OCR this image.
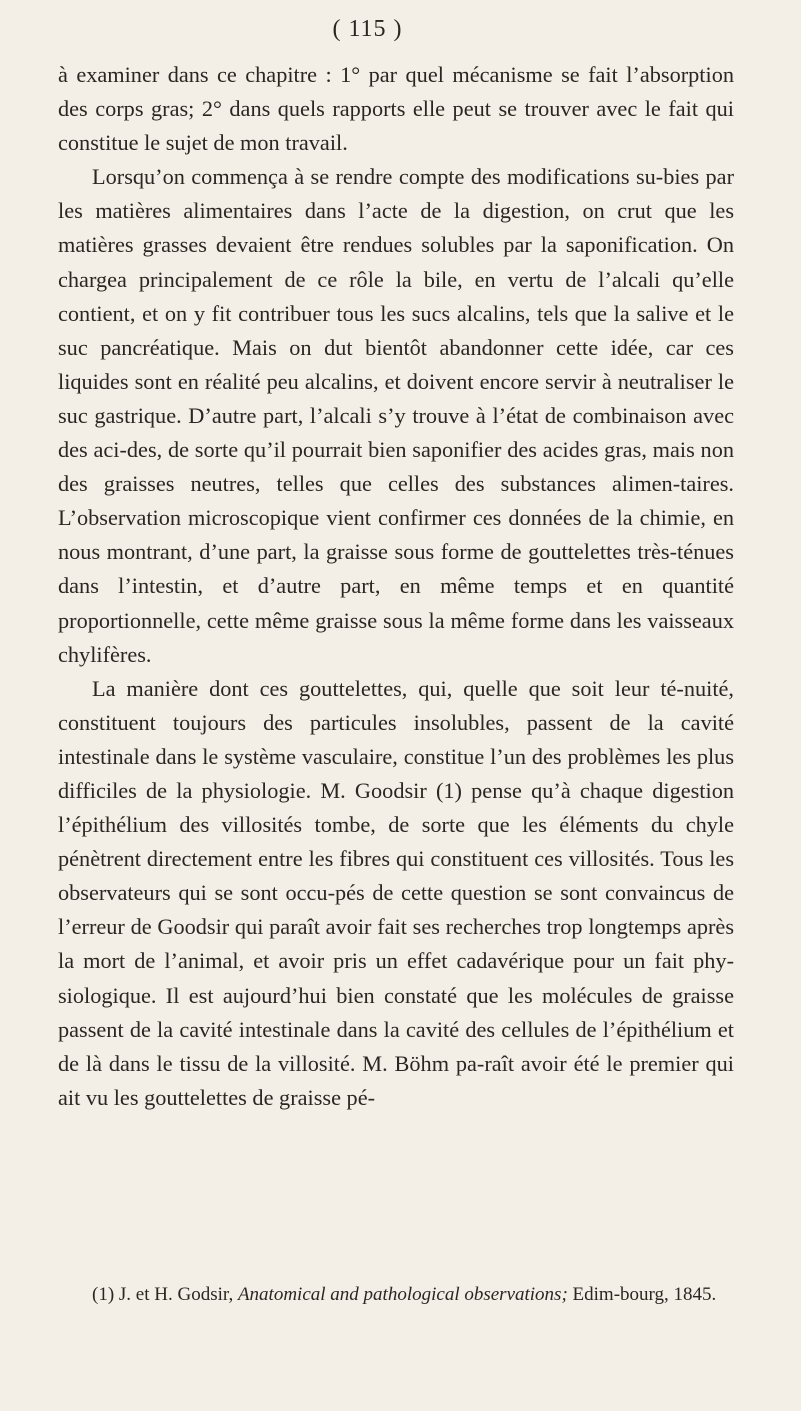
( 115 )

à examiner dans ce chapitre : 1° par quel mécanisme se fait l’absorption des corps gras; 2° dans quels rapports elle peut se trouver avec le fait qui constitue le sujet de mon travail.

Lorsqu’on commença à se rendre compte des modifications su-bies par les matières alimentaires dans l’acte de la digestion, on crut que les matières grasses devaient être rendues solubles par la saponification. On chargea principalement de ce rôle la bile, en vertu de l’alcali qu’elle contient, et on y fit contribuer tous les sucs alcalins, tels que la salive et le suc pancréatique. Mais on dut bientôt abandonner cette idée, car ces liquides sont en réalité peu alcalins, et doivent encore servir à neutraliser le suc gastrique. D’autre part, l’alcali s’y trouve à l’état de combinaison avec des aci-des, de sorte qu’il pourrait bien saponifier des acides gras, mais non des graisses neutres, telles que celles des substances alimen-taires. L’observation microscopique vient confirmer ces données de la chimie, en nous montrant, d’une part, la graisse sous forme de gouttelettes très-ténues dans l’intestin, et d’autre part, en même temps et en quantité proportionnelle, cette même graisse sous la même forme dans les vaisseaux chylifères.

La manière dont ces gouttelettes, qui, quelle que soit leur té-nuité, constituent toujours des particules insolubles, passent de la cavité intestinale dans le système vasculaire, constitue l’un des problèmes les plus difficiles de la physiologie. M. Goodsir (1) pense qu’à chaque digestion l’épithélium des villosités tombe, de sorte que les éléments du chyle pénètrent directement entre les fibres qui constituent ces villosités. Tous les observateurs qui se sont occu-pés de cette question se sont convaincus de l’erreur de Goodsir qui paraît avoir fait ses recherches trop longtemps après la mort de l’animal, et avoir pris un effet cadavérique pour un fait phy-siologique. Il est aujourd’hui bien constaté que les molécules de graisse passent de la cavité intestinale dans la cavité des cellules de l’épithélium et de là dans le tissu de la villosité. M. Böhm pa-raît avoir été le premier qui ait vu les gouttelettes de graisse pé-

(1) J. et H. Godsir, Anatomical and pathological observations; Edim-bourg, 1845.
